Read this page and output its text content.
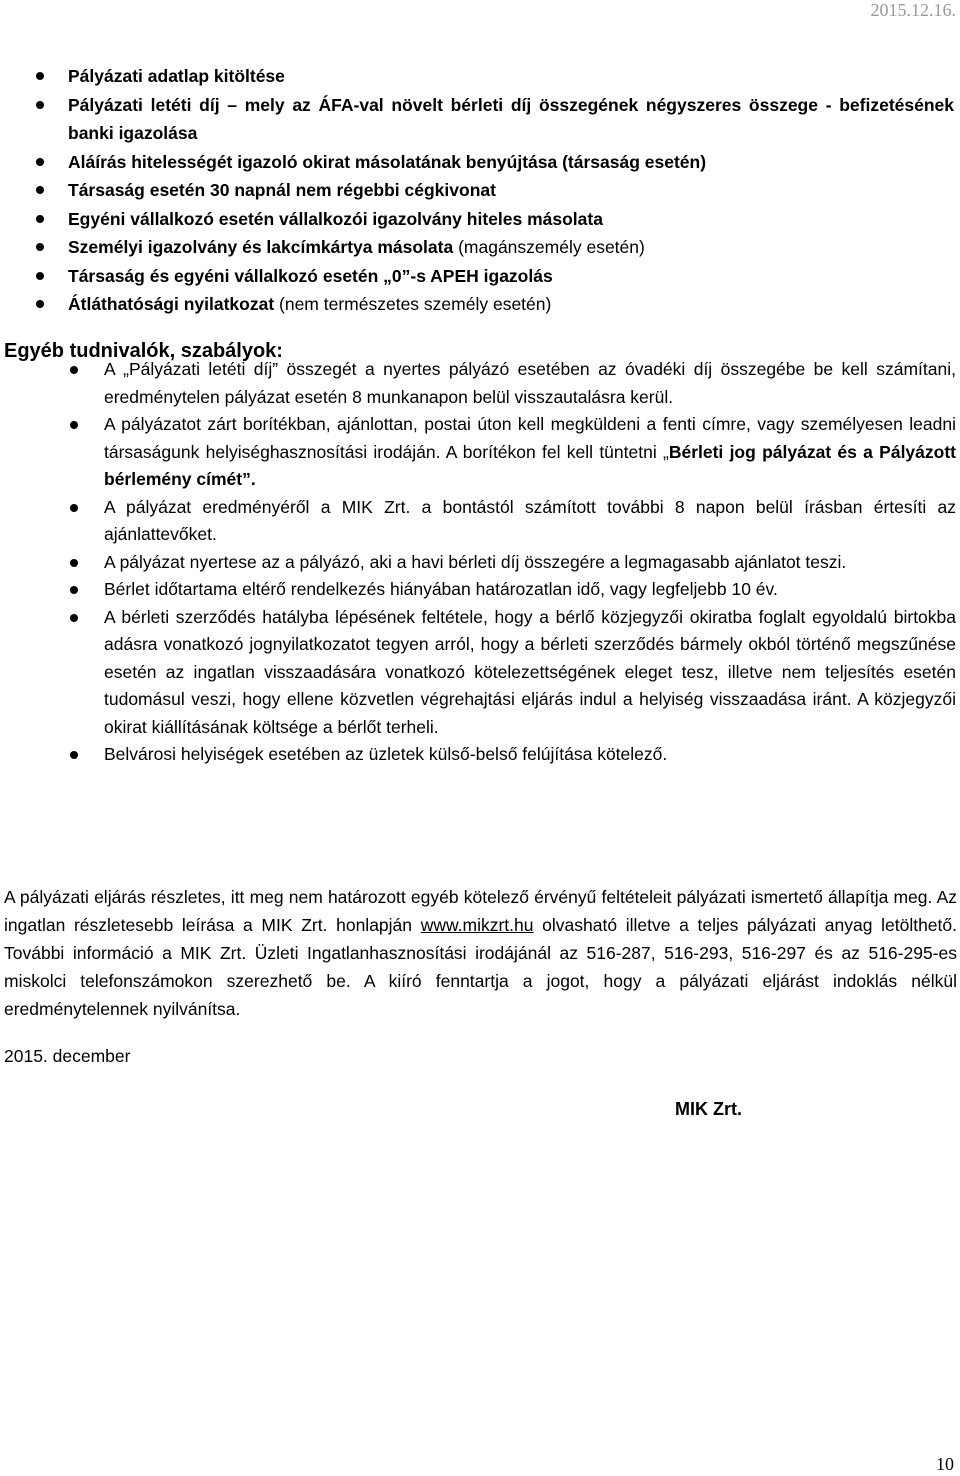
2015.12.16.
Pályázati adatlap kitöltése
Pályázati letéti díj – mely az ÁFA-val növelt bérleti díj összegének négyszeres összege - befizetésének banki igazolása
Aláírás hitelességét igazoló okirat másolatának benyújtása (társaság esetén)
Társaság esetén 30 napnál nem régebbi cégkivonat
Egyéni vállalkozó esetén vállalkozói igazolvány hiteles másolata
Személyi igazolvány és lakcímkártya másolata (magánszemély esetén)
Társaság és egyéni vállalkozó esetén „0”-s APEH igazolás
Átláthatósági nyilatkozat (nem természetes személy esetén)
Egyéb tudnivalók, szabályok:
A „Pályázati letéti díj” összegét a nyertes pályázó esetében az óvadéki díj összegébe be kell számítani, eredménytelen pályázat esetén 8 munkanapon belül visszautalásra kerül.
A pályázatot zárt borítékban, ajánlottan, postai úton kell megküldeni a fenti címre, vagy személyesen leadni társaságunk helyiséghasznosítási irodáján. A borítékon fel kell tüntetni „Bérleti jog pályázat és a Pályázott bérlemény címét”.
A pályázat eredményéről a MIK Zrt. a bontástól számított további 8 napon belül írásban értesíti az ajánlattevőket.
A pályázat nyertese az a pályázó, aki a havi bérleti díj összegére a legmagasabb ajánlatot teszi.
Bérlet időtartama eltérő rendelkezés hiányában határozatlan idő, vagy legfeljebb 10 év.
A bérleti szerződés hatályba lépésének feltétele, hogy a bérlő közjegyzői okiratba foglalt egyoldalú birtokba adásra vonatkozó jognyilatkozatot tegyen arról, hogy a bérleti szerződés bármely okból történő megszűnése esetén az ingatlan visszaadására vonatkozó kötelezettségének eleget tesz, illetve nem teljesítés esetén tudomásul veszi, hogy ellene közvetlen végrehajtási eljárás indul a helyiség visszaadása iránt. A közjegyzői okirat kiállításának költsége a bérlőt terheli.
Belvárosi helyiségek esetében az üzletek külső-belső felújítása kötelező.

A pályázati eljárás részletes, itt meg nem határozott egyéb kötelező érvényű feltételeit pályázati ismertető állapítja meg. Az ingatlan részletesebb leírása a MIK Zrt. honlapján www.mikzrt.hu olvasható illetve a teljes pályázati anyag letölthető. További információ a MIK Zrt. Üzleti Ingatlanhasznosítási irodájánál az 516-287, 516-293, 516-297 és az 516-295-es miskolci telefonszámokon szerezhető be. A kiíró fenntartja a jogot, hogy a pályázati eljárást indoklás nélkül eredménytelennek nyilvánítsa.

2015. december

MIK Zrt.

10
